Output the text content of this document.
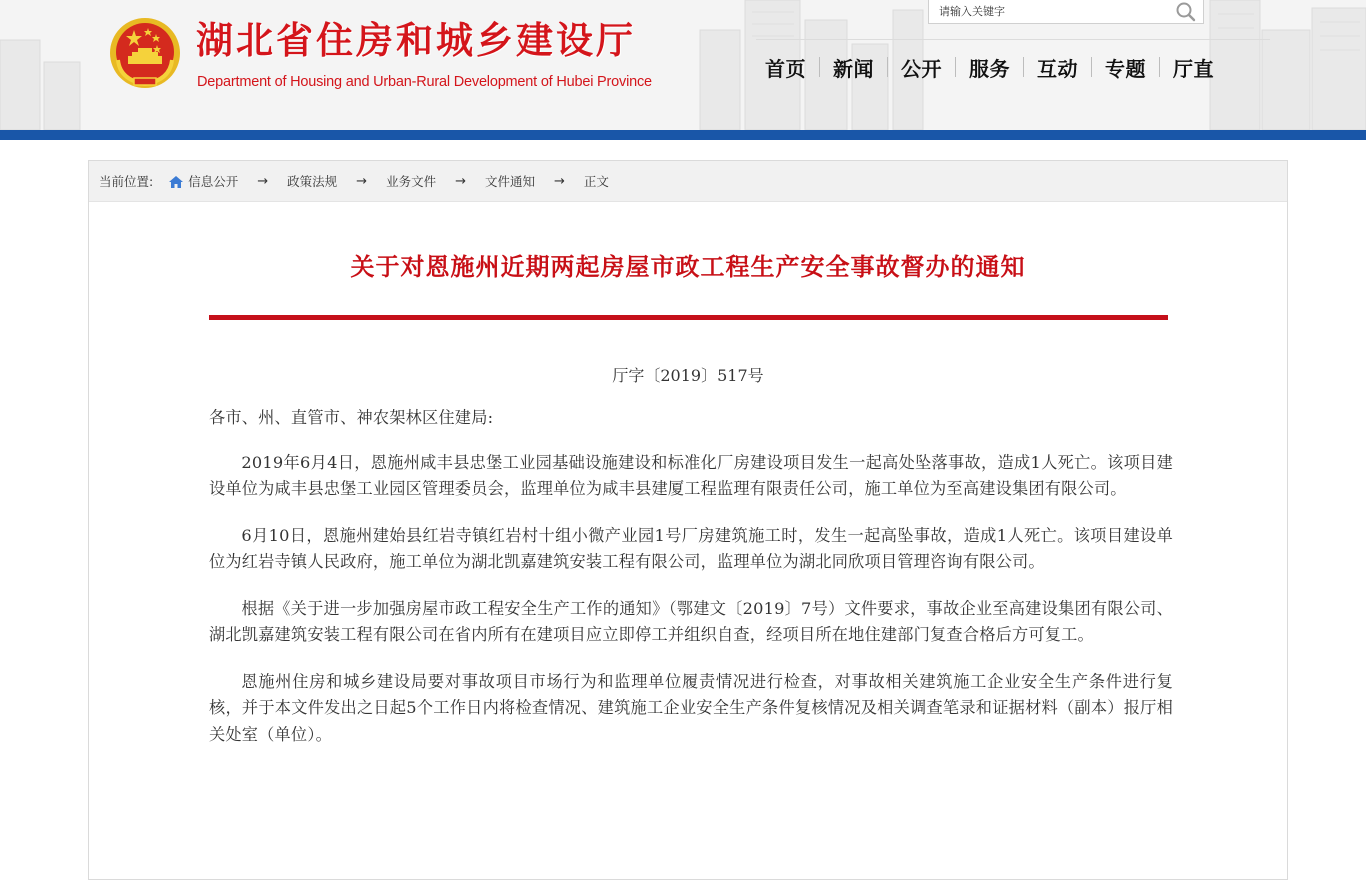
湖北省住房和城乡建设厅
Department of Housing and Urban-Rural Development of Hubei Province
请输入关键字
首页	新闻	公开	服务	互动	专题	厅直
当前位置:	信息公开 → 政策法规 → 业务文件 → 文件通知 → 正文
关于对恩施州近期两起房屋市政工程生产安全事故督办的通知
厅字〔2019〕517号

各市、州、直管市、神农架林区住建局:

2019年6月4日，恩施州咸丰县忠堡工业园基础设施建设和标准化厂房建设项目发生一起高处坠落事故，造成1人死亡。该项目建设单位为咸丰县忠堡工业园区管理委员会，监理单位为咸丰县建厦工程监理有限责任公司，施工单位为至高建设集团有限公司。

6月10日，恩施州建始县红岩寺镇红岩村十组小微产业园1号厂房建筑施工时，发生一起高坠事故，造成1人死亡。该项目建设单位为红岩寺镇人民政府，施工单位为湖北凯嘉建筑安装工程有限公司，监理单位为湖北同欣项目管理咨询有限公司。

根据《关于进一步加强房屋市政工程安全生产工作的通知》（鄂建文〔2019〕7号）文件要求，事故企业至高建设集团有限公司、湖北凯嘉建筑安装工程有限公司在省内所有在建项目应立即停工并组织自查，经项目所在地住建部门复查合格后方可复工。

恩施州住房和城乡建设局要对事故项目市场行为和监理单位履责情况进行检查，对事故相关建筑施工企业安全生产条件进行复核，并于本文件发出之日起5个工作日内将检查情况、建筑施工企业安全生产条件复核情况及相关调查笔录和证据材料（副本）报厅相关处室（单位）。
